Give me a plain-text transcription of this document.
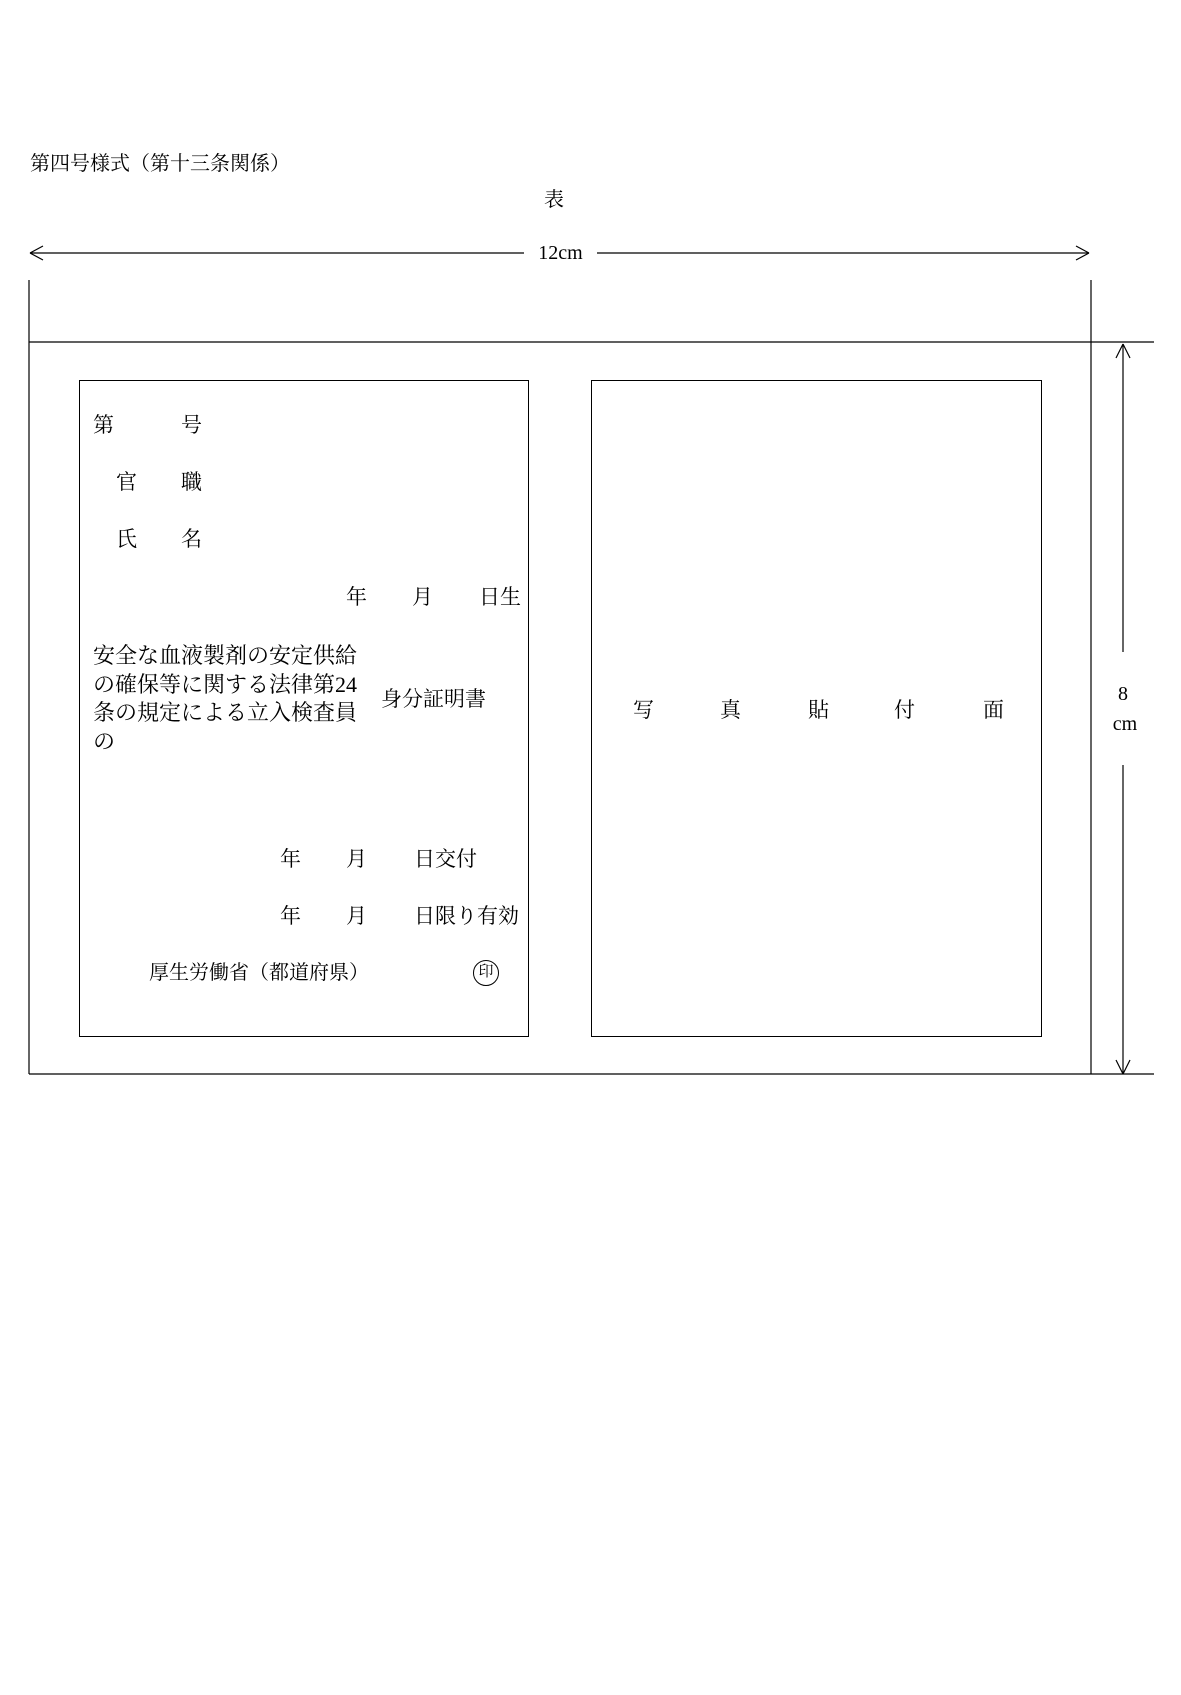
第四号様式（第十三条関係）
表
12cm
8
cm
第	号
官 職
氏 名
年 月 日生
安全な血液製剤の安定供給
の確保等に関する法律第24
条の規定による立入検査員
の
身分証明書
年 月 日交付
年 月 日限り有効
厚生労働省（都道府県）	印
写	真	貼	付	面
